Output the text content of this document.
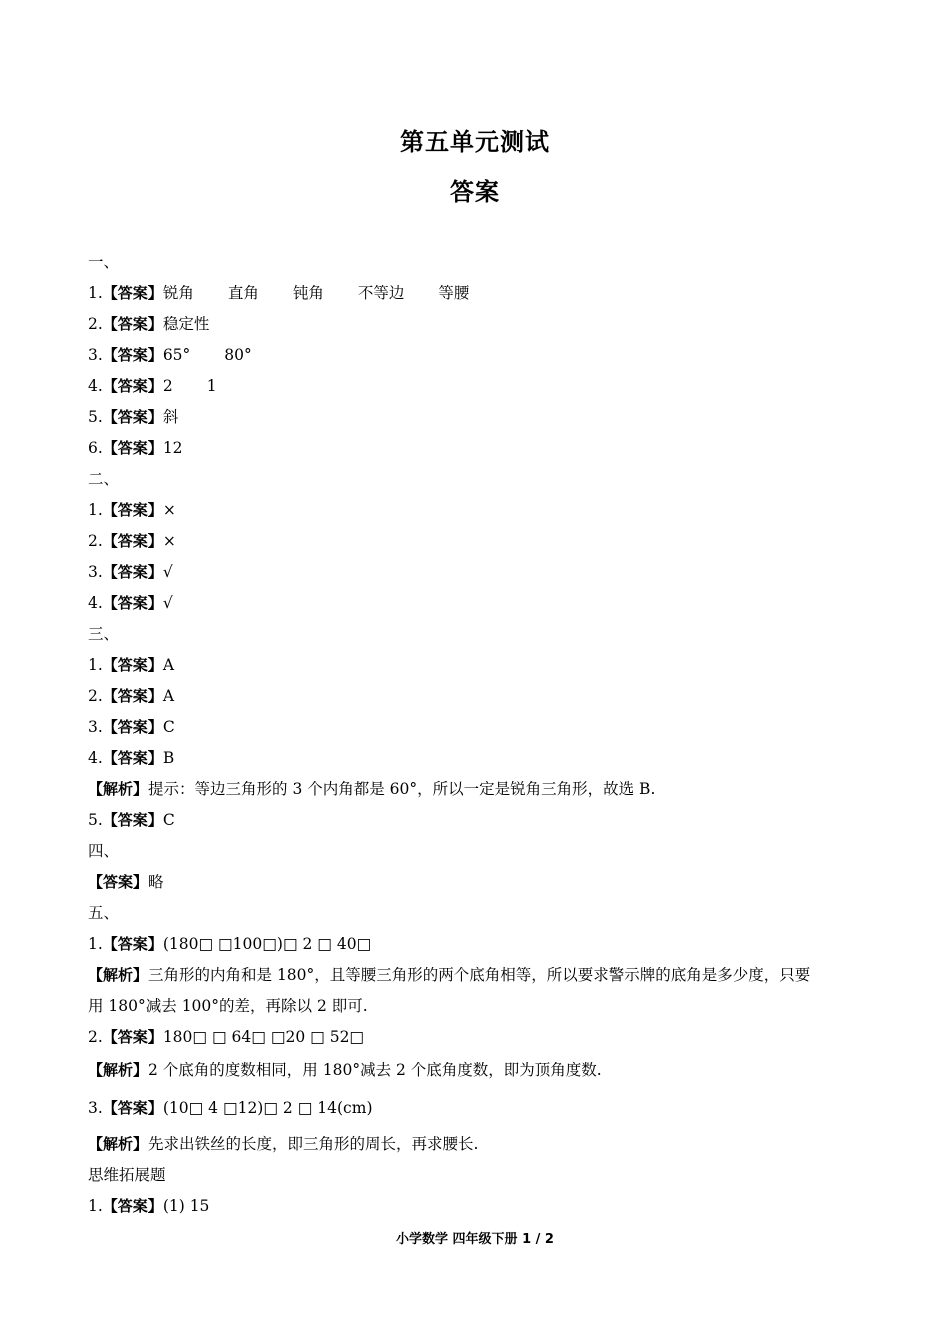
第五单元测试
答案
一、
1.【答案】锐角 直角 钝角 不等边 等腰
2.【答案】稳定性
3.【答案】65° 80°
4.【答案】2 1
5.【答案】斜
6.【答案】12
二、
1.【答案】×
2.【答案】×
3.【答案】√
4.【答案】√
三、
1.【答案】A
2.【答案】A
3.【答案】C
4.【答案】B
【解析】提示：等边三角形的 3 个内角都是 60°，所以一定是锐角三角形，故选 B.
5.【答案】C
四、
【答案】略
五、
1.【答案】(180□ □100□)□ 2 □ 40□
【解析】三角形的内角和是 180°，且等腰三角形的两个底角相等，所以要求警示牌的底角是多少度，只要
用 180°减去 100°的差，再除以 2 即可.
2.【答案】180□ □ 64□ □20 □ 52□
【解析】2 个底角的度数相同，用 180°减去 2 个底角度数，即为顶角度数.
3.【答案】(10□ 4 □12)□ 2 □ 14(cm)
【解析】先求出铁丝的长度，即三角形的周长，再求腰长.
思维拓展题
1.【答案】(1) 15
小学数学 四年级下册 1 / 2
